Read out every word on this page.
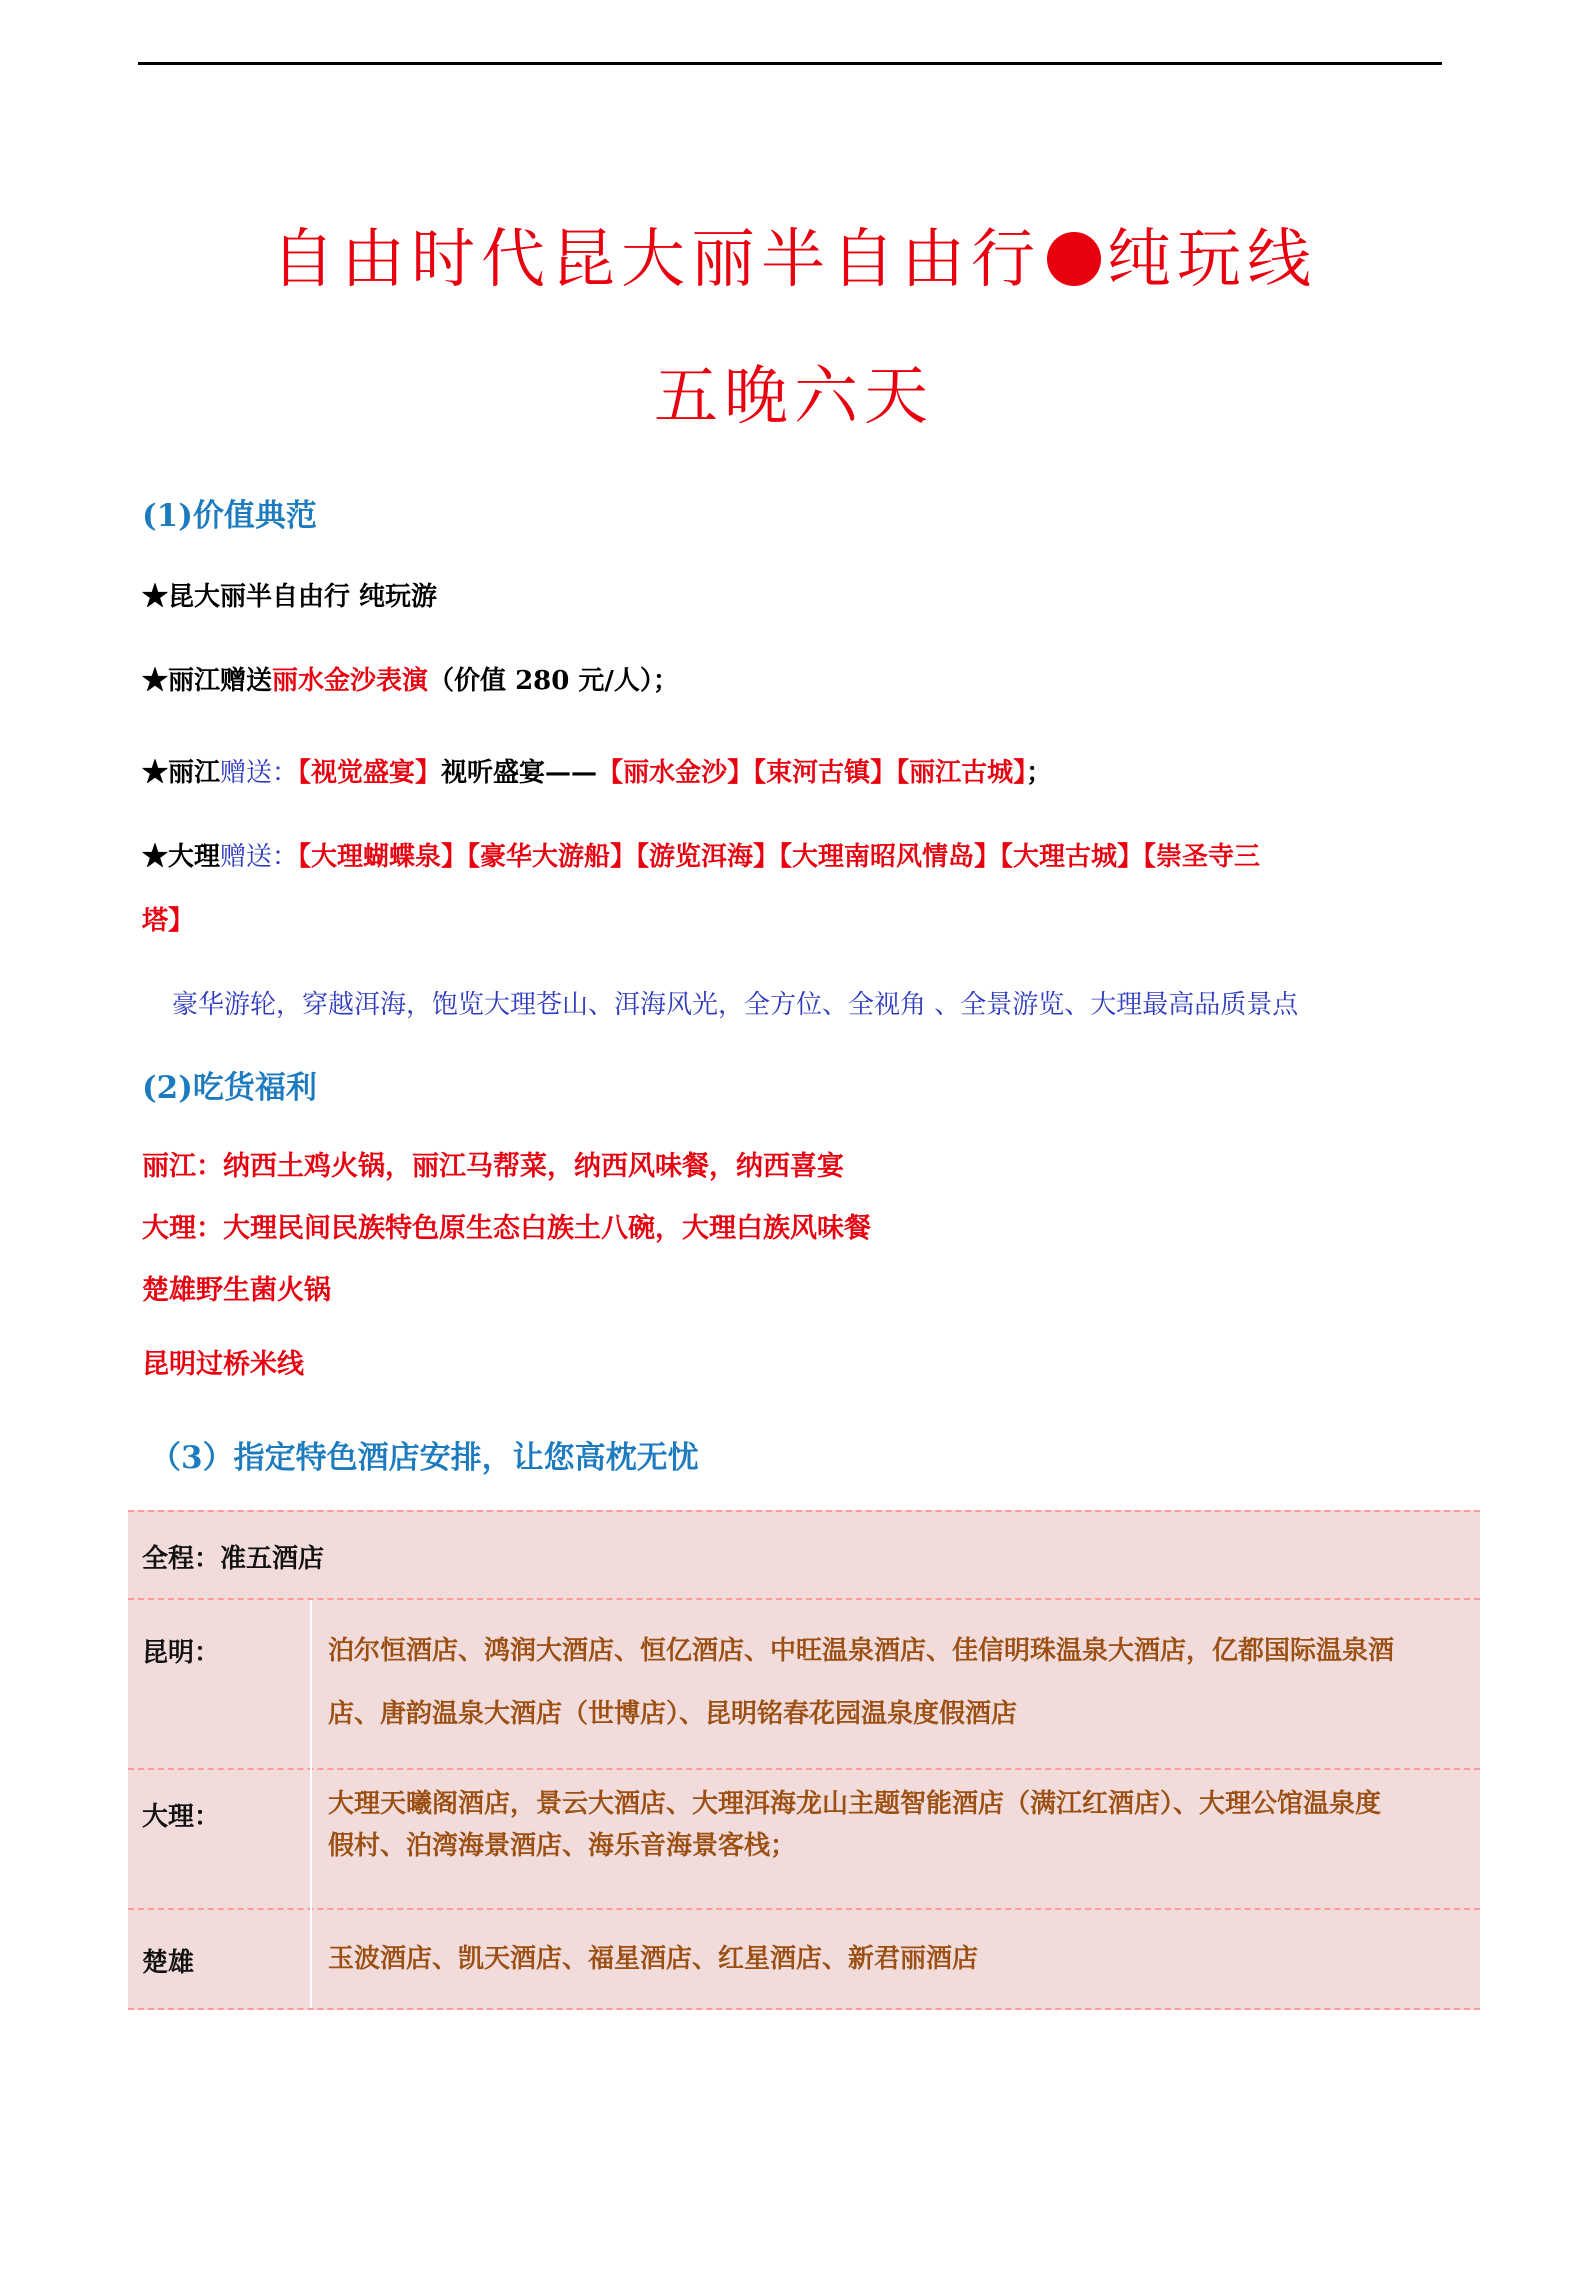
自由时代昆大丽半自由行 纯玩线
五晚六天
(1)价值典范
★昆大丽半自由行 纯玩游
★丽江赠送丽水金沙表演（价值 280 元/人）；
★丽江赠送：【视觉盛宴】视听盛宴——【丽水金沙】【束河古镇】【丽江古城】；
★大理赠送：【大理蝴蝶泉】【豪华大游船】【游览洱海】【大理南昭风情岛】【大理古城】【崇圣寺三
塔】
豪华游轮，穿越洱海，饱览大理苍山、洱海风光，全方位、全视角 、全景游览、大理最高品质景点
(2)吃货福利
丽江：纳西土鸡火锅，丽江马帮菜，纳西风味餐，纳西喜宴
大理：大理民间民族特色原生态白族土八碗，大理白族风味餐
楚雄野生菌火锅
昆明过桥米线
（3）指定特色酒店安排，让您高枕无忧
全程：准五酒店
昆明：	泊尔恒酒店、鸿润大酒店、恒亿酒店、中旺温泉酒店、佳信明珠温泉大酒店，亿都国际温泉酒
店、唐韵温泉大酒店（世博店）、昆明铭春花园温泉度假酒店
大理：	大理天曦阁酒店，景云大酒店、大理洱海龙山主题智能酒店（满江红酒店）、大理公馆温泉度
假村、泊湾海景酒店、海乐音海景客栈；
楚雄	玉波酒店、凯天酒店、福星酒店、红星酒店、新君丽酒店
